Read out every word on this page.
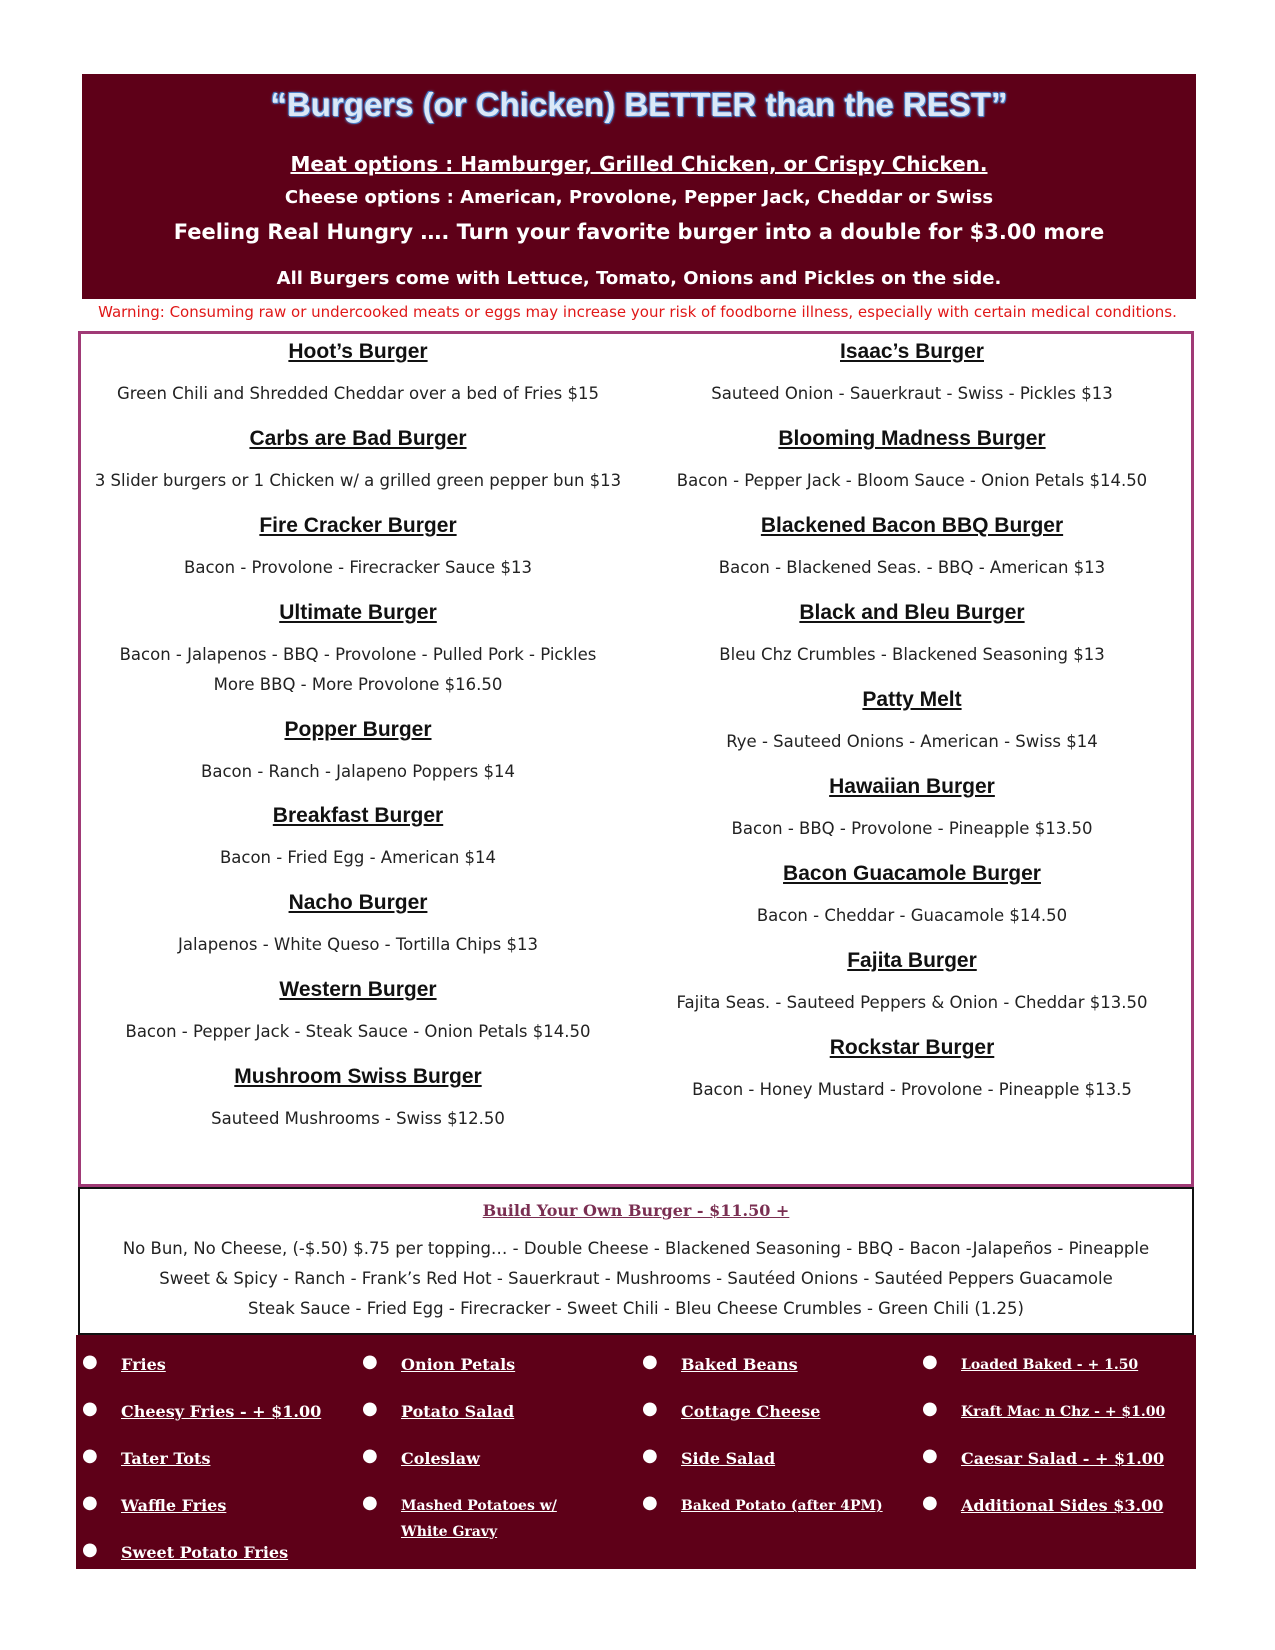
“Burgers (or Chicken) BETTER than the REST”
Meat options : Hamburger, Grilled Chicken, or Crispy Chicken.
Cheese options : American, Provolone, Pepper Jack, Cheddar or Swiss
Feeling Real Hungry …. Turn your favorite burger into a double for $3.00 more
All Burgers come with Lettuce, Tomato, Onions and Pickles on the side.
Warning: Consuming raw or undercooked meats or eggs may increase your risk of foodborne illness, especially with certain medical conditions.
Hoot’s Burger
Green Chili and Shredded Cheddar over a bed of Fries $15
Carbs are Bad Burger
3 Slider burgers or 1 Chicken w/ a grilled green pepper bun $13
Fire Cracker Burger
Bacon - Provolone - Firecracker Sauce $13
Ultimate Burger
Bacon - Jalapenos - BBQ - Provolone - Pulled Pork - Pickles
More BBQ - More Provolone $16.50
Popper Burger
Bacon - Ranch - Jalapeno Poppers $14
Breakfast Burger
Bacon - Fried Egg - American $14
Nacho Burger
Jalapenos - White Queso - Tortilla Chips $13
Western Burger
Bacon - Pepper Jack - Steak Sauce - Onion Petals $14.50
Mushroom Swiss Burger
Sauteed Mushrooms - Swiss $12.50
Isaac’s Burger
Sauteed Onion - Sauerkraut - Swiss - Pickles $13
Blooming Madness Burger
Bacon - Pepper Jack - Bloom Sauce - Onion Petals $14.50
Blackened Bacon BBQ Burger
Bacon - Blackened Seas. - BBQ - American $13
Black and Bleu Burger
Bleu Chz Crumbles - Blackened Seasoning $13
Patty Melt
Rye - Sauteed Onions - American - Swiss $14
Hawaiian Burger
Bacon - BBQ - Provolone - Pineapple $13.50
Bacon Guacamole Burger
Bacon - Cheddar - Guacamole $14.50
Fajita Burger
Fajita Seas. - Sauteed Peppers & Onion - Cheddar $13.50
Rockstar Burger
Bacon - Honey Mustard - Provolone - Pineapple $13.5
Build Your Own Burger - $11.50 +
No Bun, No Cheese, (-$.50) $.75 per topping… - Double Cheese - Blackened Seasoning - BBQ - Bacon -Jalapeños - Pineapple
Sweet & Spicy - Ranch - Frank’s Red Hot - Sauerkraut - Mushrooms - Sautéed Onions - Sautéed Peppers Guacamole
Steak Sauce - Fried Egg - Firecracker - Sweet Chili - Bleu Cheese Crumbles - Green Chili (1.25)
● Fries
● Cheesy Fries - + $1.00
● Tater Tots
● Waffle Fries
● Sweet Potato Fries
● Onion Petals
● Potato Salad
● Coleslaw
● Mashed Potatoes w/
White Gravy
● Baked Beans
● Cottage Cheese
● Side Salad
● Baked Potato (after 4PM)
● Loaded Baked - + 1.50
● Kraft Mac n Chz - + $1.00
● Caesar Salad - + $1.00
● Additional Sides $3.00
